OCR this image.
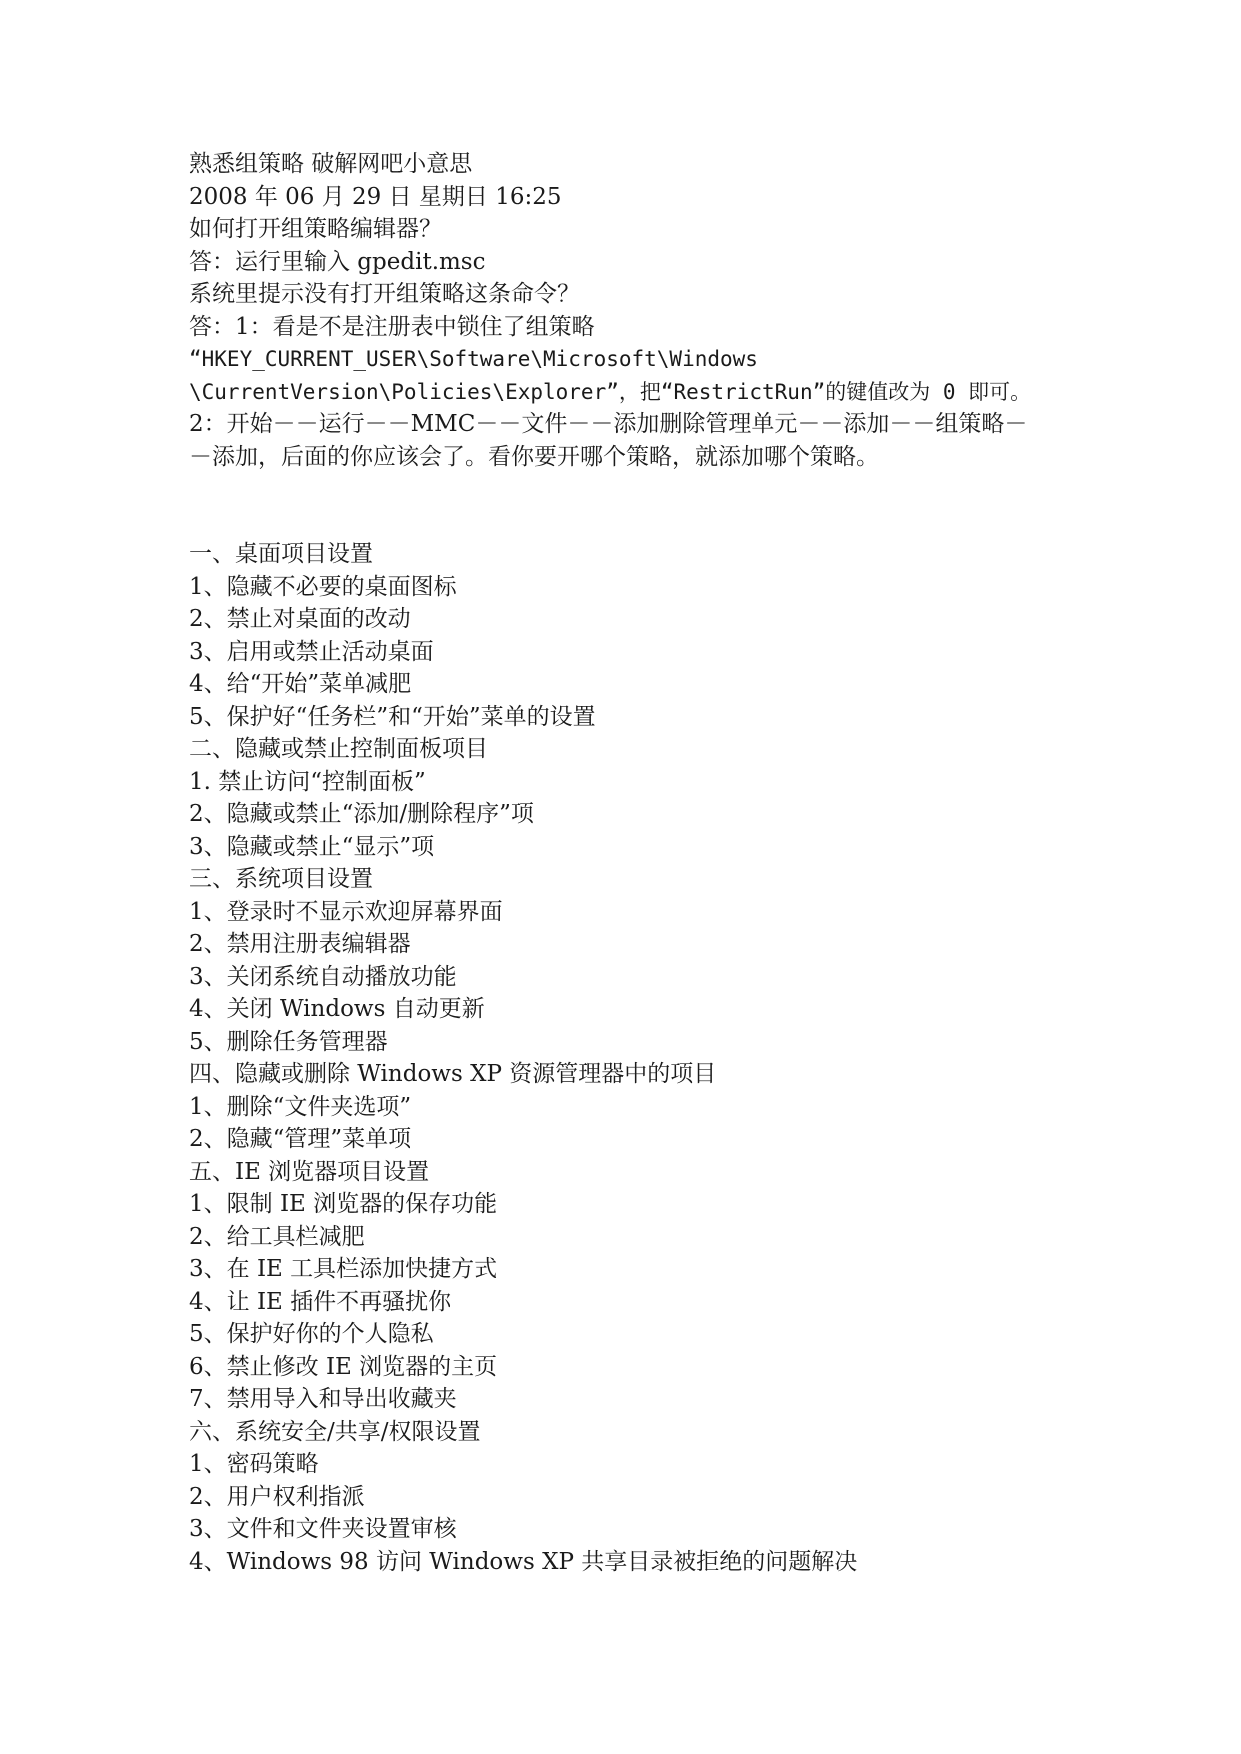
熟悉组策略 破解网吧小意思
2008 年 06 月 29 日 星期日 16:25
如何打开组策略编辑器？
答：运行里输入 gpedit.msc
系统里提示没有打开组策略这条命令？
答：1：看是不是注册表中锁住了组策略
“HKEY_CURRENT_USER\Software\Microsoft\Windows
\CurrentVersion\Policies\Explorer”，把“RestrictRun”的键值改为 0 即可。
2：开始－－运行－－MMC－－文件－－添加删除管理单元－－添加－－组策略－
－添加，后面的你应该会了。看你要开哪个策略，就添加哪个策略。
一、桌面项目设置
1、隐藏不必要的桌面图标
2、禁止对桌面的改动
3、启用或禁止活动桌面
4、给“开始”菜单减肥
5、保护好“任务栏”和“开始”菜单的设置
二、隐藏或禁止控制面板项目
1. 禁止访问“控制面板”
2、隐藏或禁止“添加/删除程序”项
3、隐藏或禁止“显示”项
三、系统项目设置
1、登录时不显示欢迎屏幕界面
2、禁用注册表编辑器
3、关闭系统自动播放功能
4、关闭 Windows 自动更新
5、删除任务管理器
四、隐藏或删除 Windows XP 资源管理器中的项目
1、删除“文件夹选项”
2、隐藏“管理”菜单项
五、IE 浏览器项目设置
1、限制 IE 浏览器的保存功能
2、给工具栏减肥
3、在 IE 工具栏添加快捷方式
4、让 IE 插件不再骚扰你
5、保护好你的个人隐私
6、禁止修改 IE 浏览器的主页
7、禁用导入和导出收藏夹
六、系统安全/共享/权限设置
1、密码策略
2、用户权利指派
3、文件和文件夹设置审核
4、Windows 98 访问 Windows XP 共享目录被拒绝的问题解决
